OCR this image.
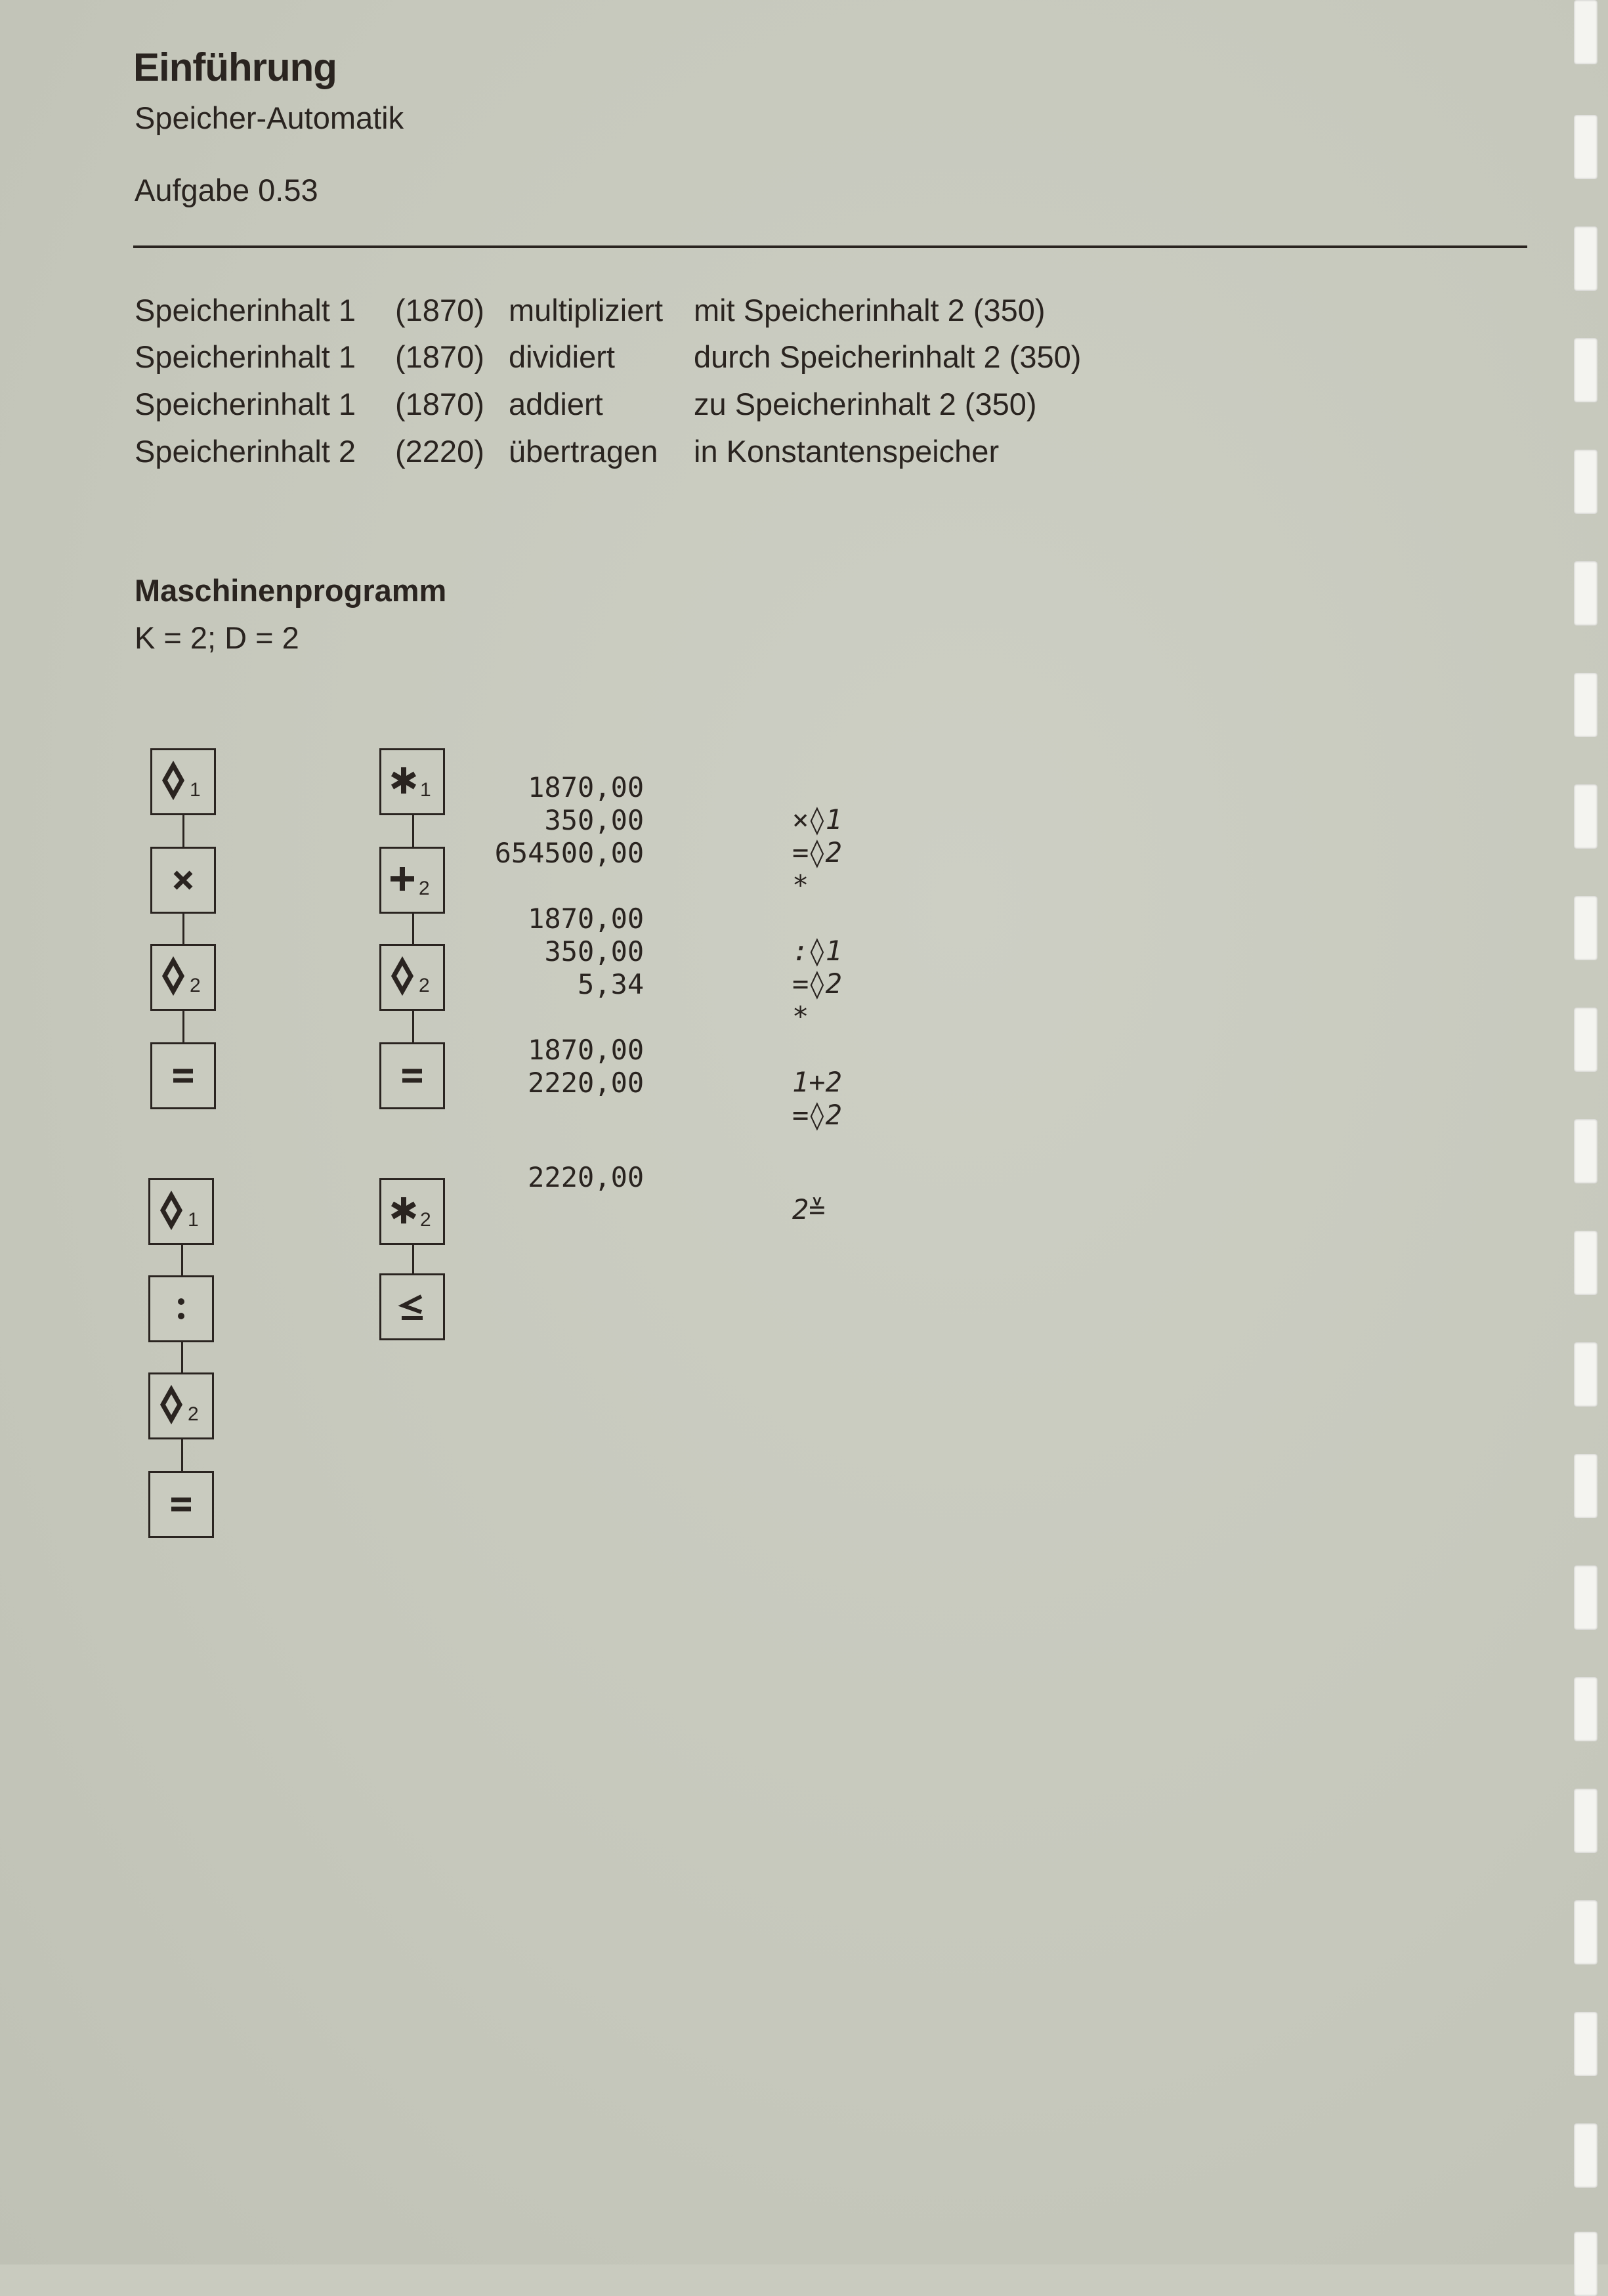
Einführung
Speicher-Automatik
Aufgabe 0.53
Speicherinhalt 1 (1870) multipliziert mit Speicherinhalt 2 (350)
Speicherinhalt 1 (1870) dividiert	durch Speicherinhalt 2 (350)
Speicherinhalt 1 (1870) addiert	zu Speicherinhalt 2 (350)
Speicherinhalt 2 (2220) übertragen in Konstantenspeicher
Maschinenprogramm
K = 2; D = 2
1
2
1
2
2
1
2
2

1870,00

×◊1

350,00

=◊2

654500,00

*

1870,00

:◊1

350,00

=◊2

5,34

*

1870,00

1+2

2220,00

=◊2

2220,00

2≚
